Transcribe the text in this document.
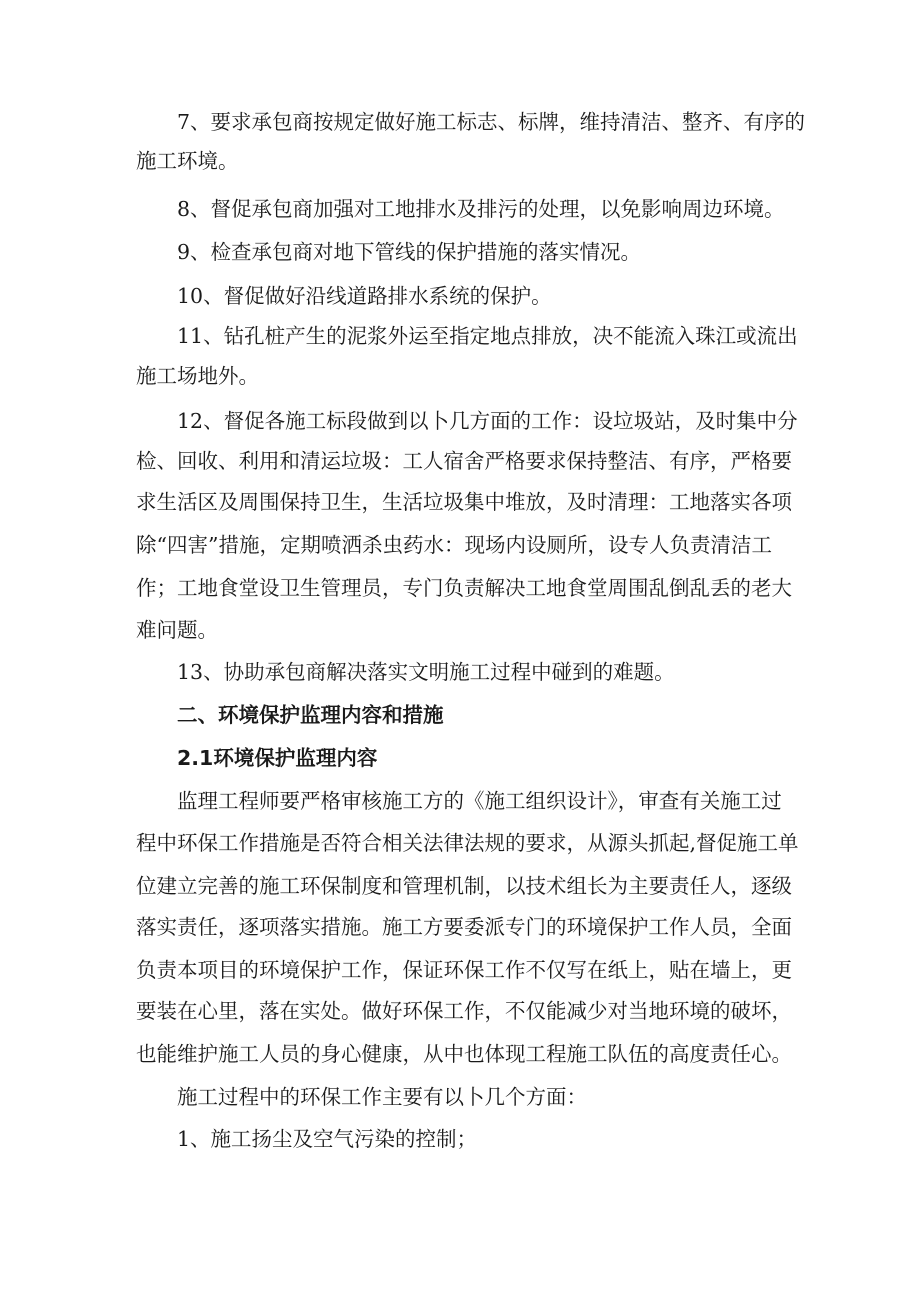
7、要求承包商按规定做好施工标志、标牌，维持清洁、整齐、有序的
施工环境。
8、督促承包商加强对工地排水及排污的处理，以免影响周边环境。
9、检查承包商对地下管线的保护措施的落实情况。
10、督促做好沿线道路排水系统的保护。
11、钻孔桩产生的泥浆外运至指定地点排放，决不能流入珠江或流出
施工场地外。
12、督促各施工标段做到以卜几方面的工作：设垃圾站，及时集中分
检、回收、利用和清运垃圾：工人宿舍严格要求保持整洁、有序，严格要
求生活区及周围保持卫生，生活垃圾集中堆放，及时清理：工地落实各项
除“四害”措施，定期喷洒杀虫药水：现场内设厕所，设专人负责清洁工
作；工地食堂设卫生管理员，专门负责解决工地食堂周围乱倒乱丢的老大
难问题。
13、协助承包商解决落实文明施工过程中碰到的难题。
二、环境保护监理内容和措施
2.1环境保护监理内容
监理工程师要严格审核施工方的《施工组织设计》，审查有关施工过
程中环保工作措施是否符合相关法律法规的要求，从源头抓起,督促施工单
位建立完善的施工环保制度和管理机制，以技术组长为主要责任人，逐级
落实责任，逐项落实措施。施工方要委派专门的环境保护工作人员，全面
负责本项目的环境保护工作，保证环保工作不仅写在纸上，贴在墙上，更
要装在心里，落在实处。做好环保工作，不仅能减少对当地环境的破坏，
也能维护施工人员的身心健康，从中也体现工程施工队伍的高度责任心。
施工过程中的环保工作主要有以卜几个方面：
1、施工扬尘及空气污染的控制；
